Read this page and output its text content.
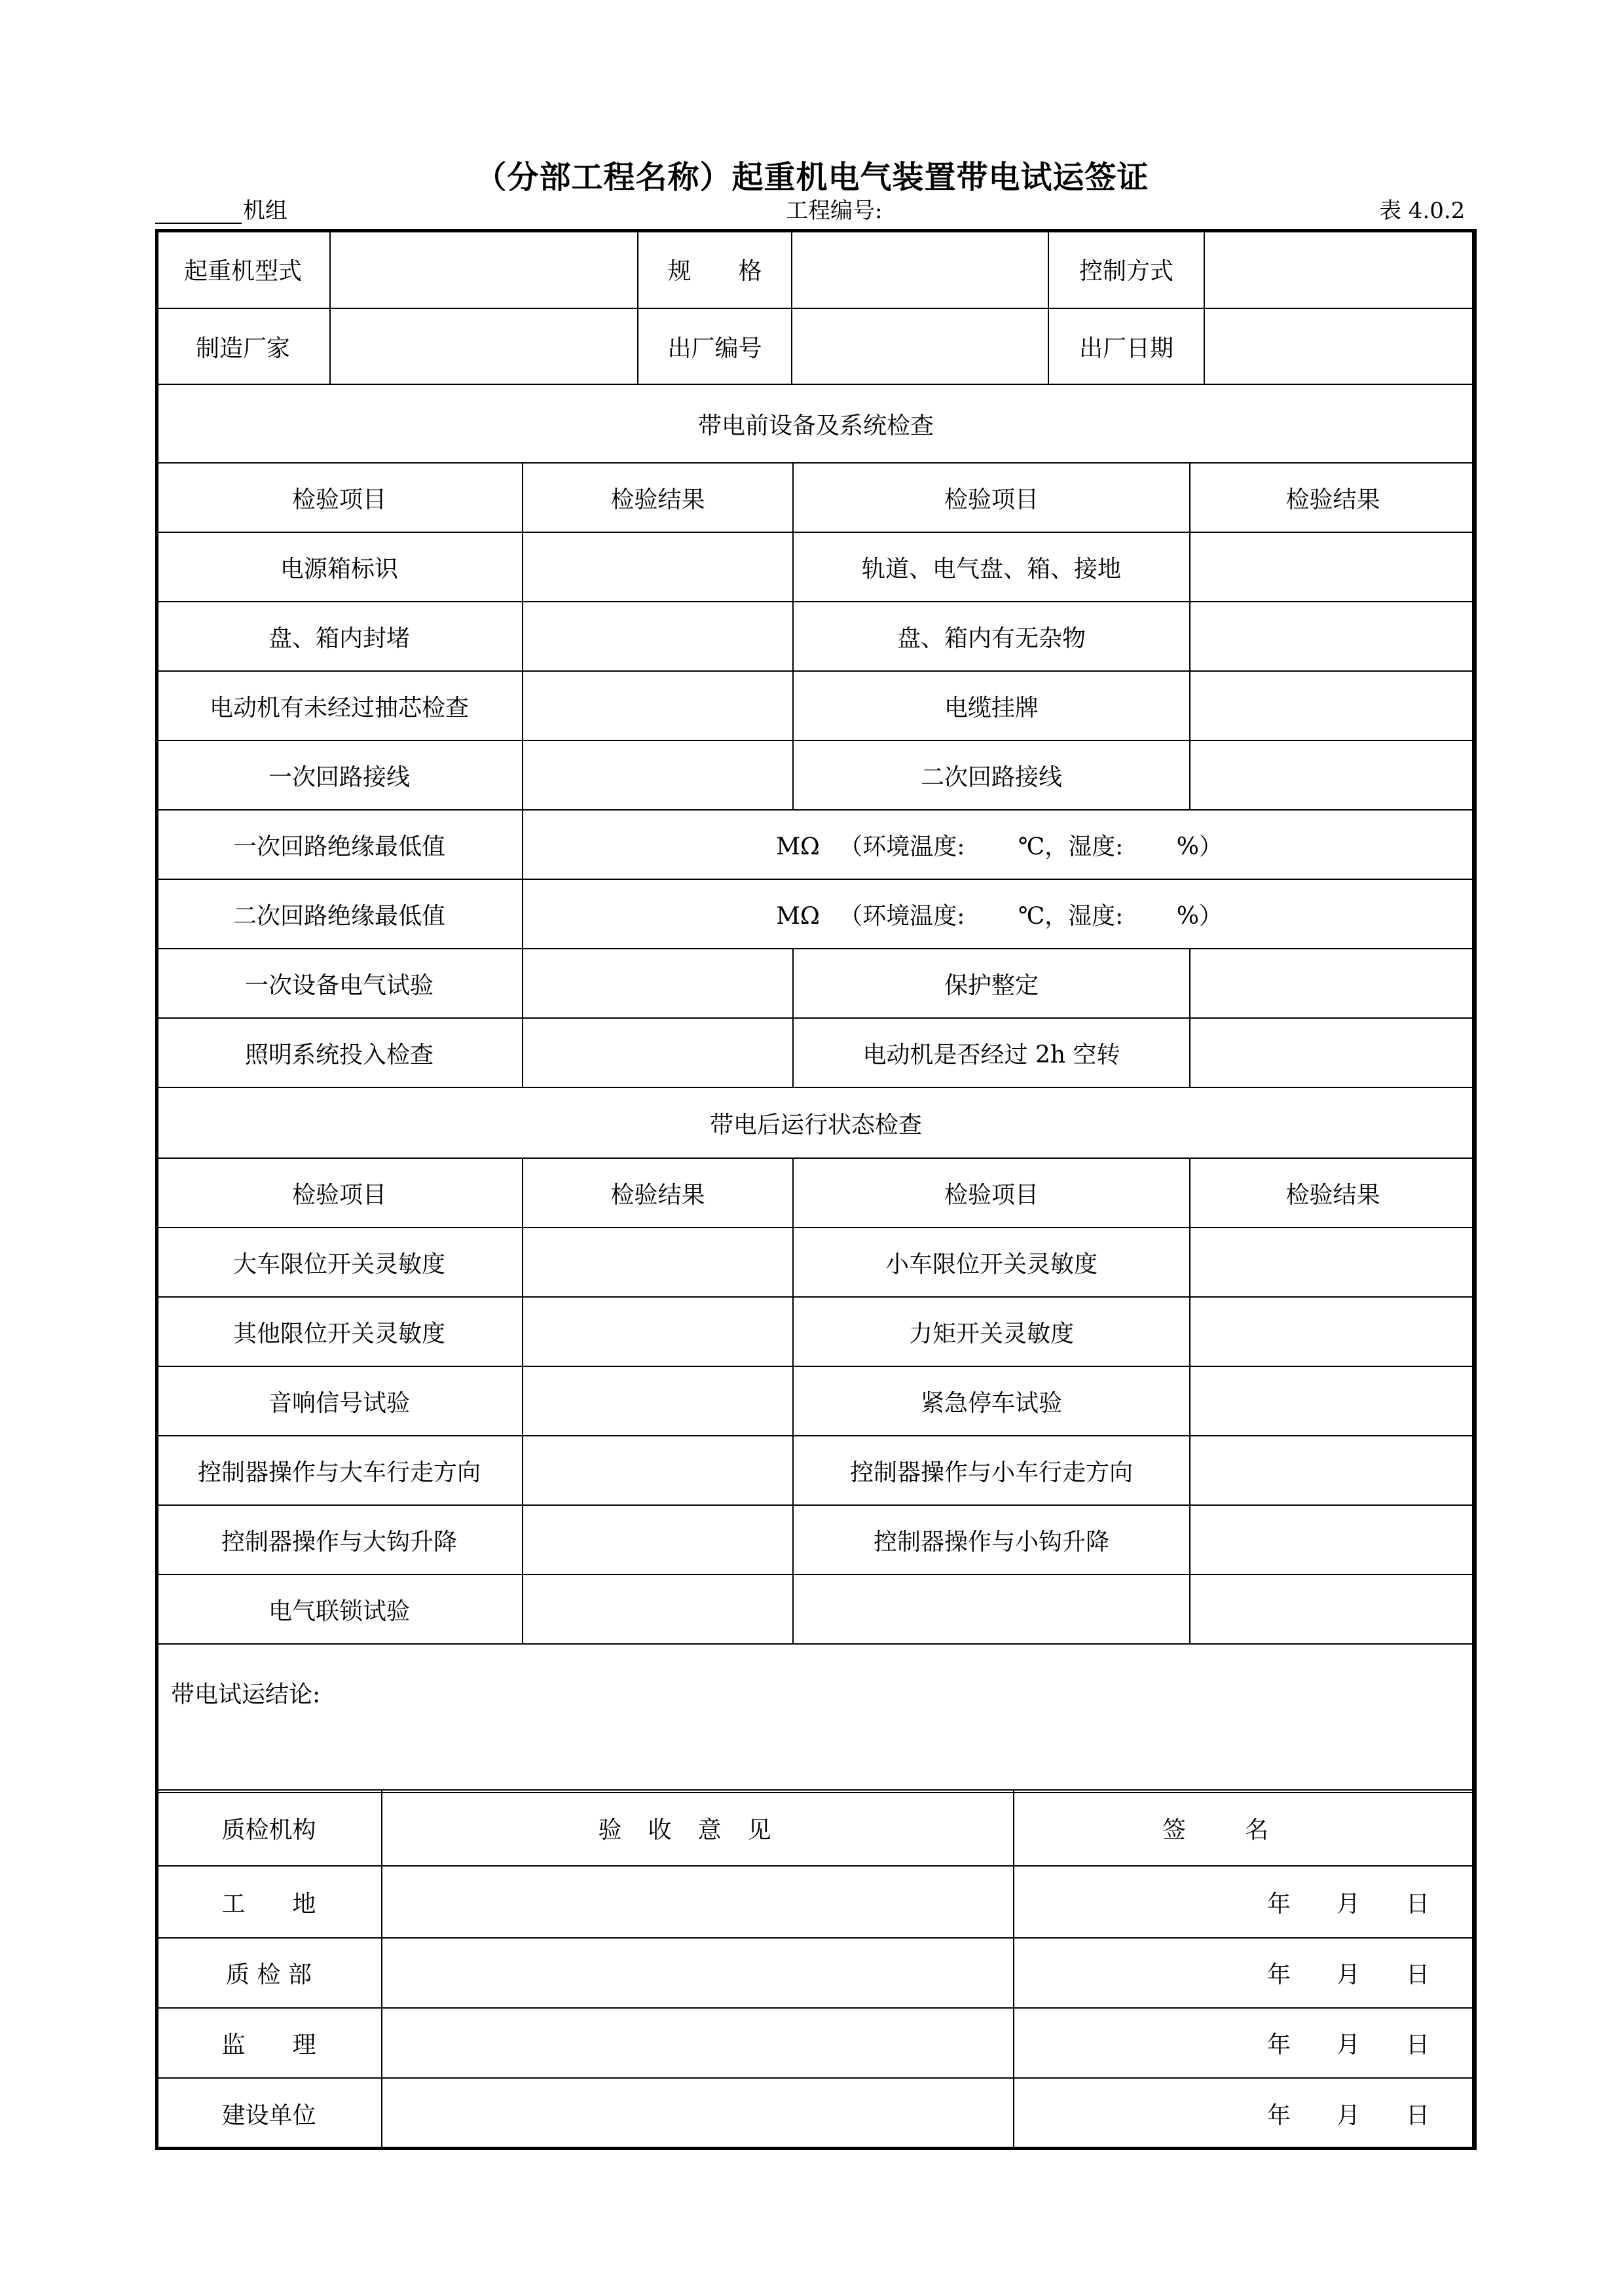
（分部工程名称）起重机电气装置带电试运签证
机组	工程编号:	表 4.0.2
起重机型式		规　　格		控制方式	
制造厂家		出厂编号		出厂日期	
带电前设备及系统检查					
检验项目	检验结果	检验项目	检验结果
电源箱标识		轨道、电气盘、箱、接地	
盘、箱内封堵		盘、箱内有无杂物	
电动机有未经过抽芯检查		电缆挂牌	
一次回路接线		二次回路接线	
一次回路绝缘最低值	MΩ （环境温度: ℃，湿度: %）		
二次回路绝缘最低值	MΩ （环境温度: ℃，湿度: %）		
一次设备电气试验		保护整定	
照明系统投入检查		电动机是否经过 2h 空转	
带电后运行状态检查			
检验项目	检验结果	检验项目	检验结果
大车限位开关灵敏度		小车限位开关灵敏度	
其他限位开关灵敏度		力矩开关灵敏度	
音响信号试验		紧急停车试验	
控制器操作与大车行走方向		控制器操作与小车行走方向	
控制器操作与大钩升降		控制器操作与小钩升降	
电气联锁试验			
带电试运结论:			
质检机构	验收意见	签名
工　　地		年 月 日
质 检 部		年 月 日
监　　理		年 月 日
建设单位		年 月 日
